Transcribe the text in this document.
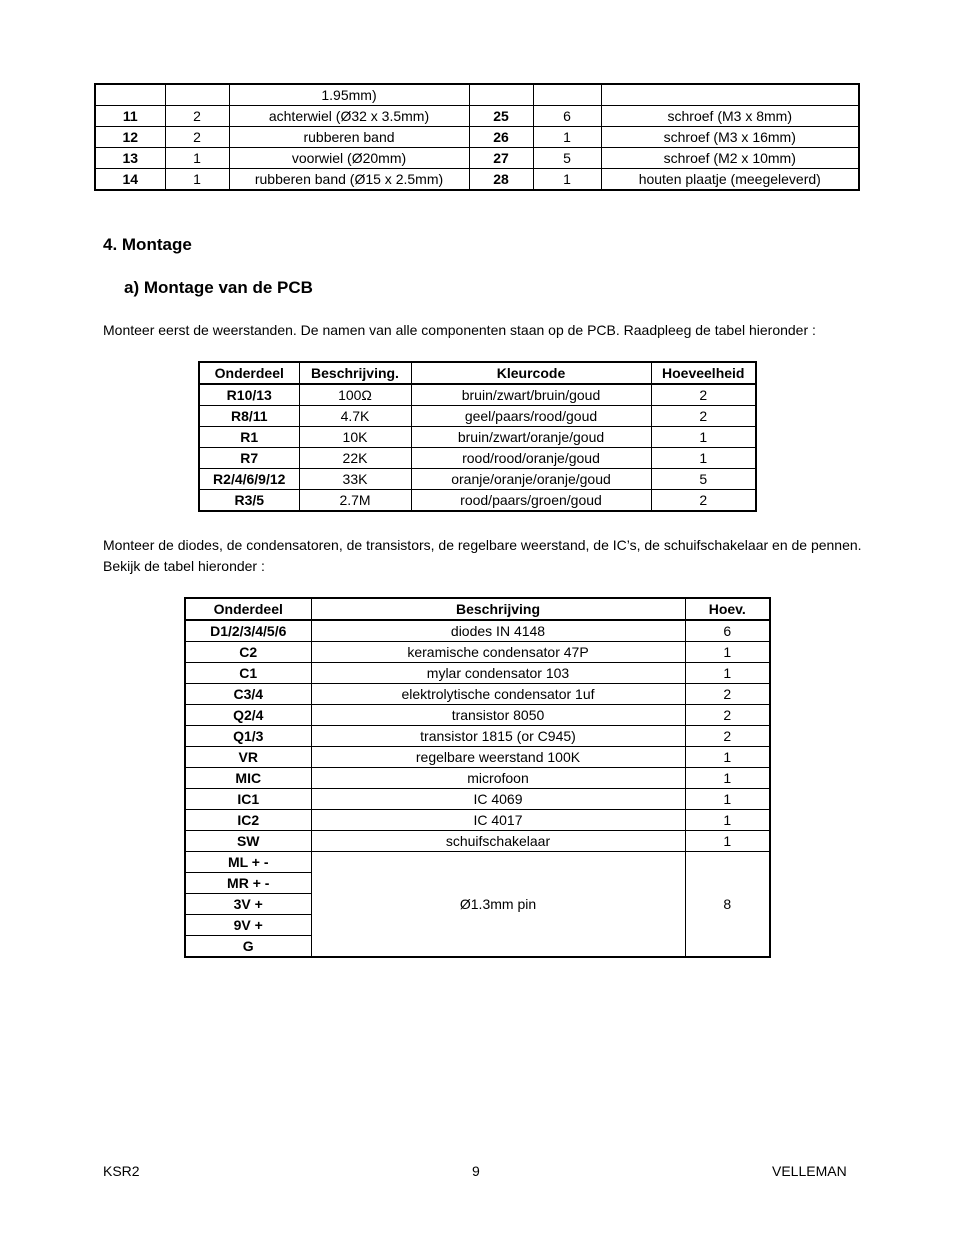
		1.95mm)			
11	2	achterwiel (Ø32 x 3.5mm)	25	6	schroef (M3 x 8mm)
12	2	rubberen band	26	1	schroef (M3 x 16mm)
13	1	voorwiel (Ø20mm)	27	5	schroef (M2 x 10mm)
14	1	rubberen band (Ø15 x 2.5mm)	28	1	houten plaatje (meegeleverd)
4. Montage
a) Montage van de PCB
Monteer eerst de weerstanden. De namen van alle componenten staan op de PCB. Raadpleeg de tabel hieronder :
Onderdeel	Beschrijving.	Kleurcode	Hoeveelheid
R10/13	100Ω	bruin/zwart/bruin/goud	2
R8/11	4.7K	geel/paars/rood/goud	2
R1	10K	bruin/zwart/oranje/goud	1
R7	22K	rood/rood/oranje/goud	1
R2/4/6/9/12	33K	oranje/oranje/oranje/goud	5
R3/5	2.7M	rood/paars/groen/goud	2
Monteer de diodes, de condensatoren, de transistors, de regelbare weerstand, de IC’s, de schuifschakelaar en de pennen. Bekijk de tabel hieronder :
Onderdeel	Beschrijving	Hoev.
D1/2/3/4/5/6	diodes IN 4148	6
C2	keramische condensator 47P	1
C1	mylar condensator 103	1
C3/4	elektrolytische condensator 1uf	2
Q2/4	transistor 8050	2
Q1/3	transistor 1815 (or C945)	2
VR	regelbare weerstand 100K	1
MIC	microfoon	1
IC1	IC 4069	1
IC2	IC 4017	1
SW	schuifschakelaar	1
ML + -	Ø1.3mm pin	8
MR + -		
3V +		
9V +		
G		
KSR2	9	VELLEMAN
